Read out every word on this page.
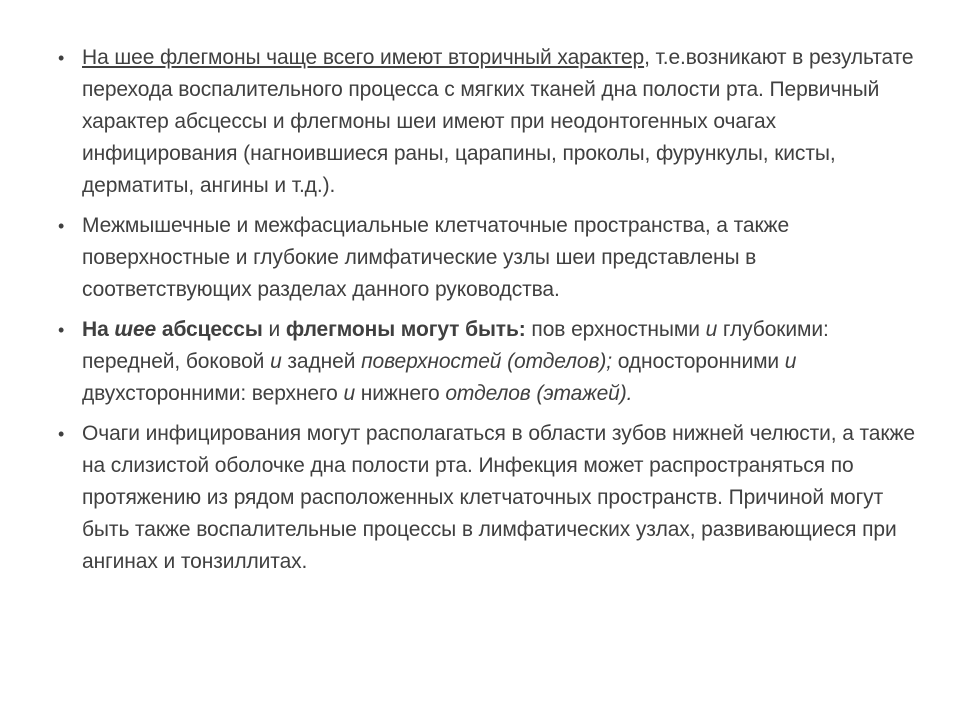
• На шее флегмоны чаще всего имеют вторичный характер, т.е.возникают в результате перехода воспалительного процесса с мягких тканей дна полости рта. Первичный характер абсцессы и флегмоны шеи имеют при неодонтогенных очагах инфицирования (нагноившиеся раны, царапины, проколы, фурункулы, кисты, дерматиты, ангины и т.д.).
• Межмышечные и межфасциальные клетчаточные пространства, а также поверхностные и глубокие лимфатические узлы шеи представлены в соответствующих разделах данного руководства.
• На шее абсцессы и флегмоны могут быть: пов ерхностными и глубокими: передней, боковой и задней поверхностей (отделов); односторонними и двухсторонними: верхнего и нижнего отделов (этажей).
• Очаги инфицирования могут располагаться в области зубов нижней челюсти, а также на слизистой оболочке дна полости рта. Инфекция может распространяться по протяжению из рядом расположенных клетчаточных пространств. Причиной могут быть также воспалительные процессы в лимфатических узлах, развивающиеся при ангинах и тонзиллитах.
